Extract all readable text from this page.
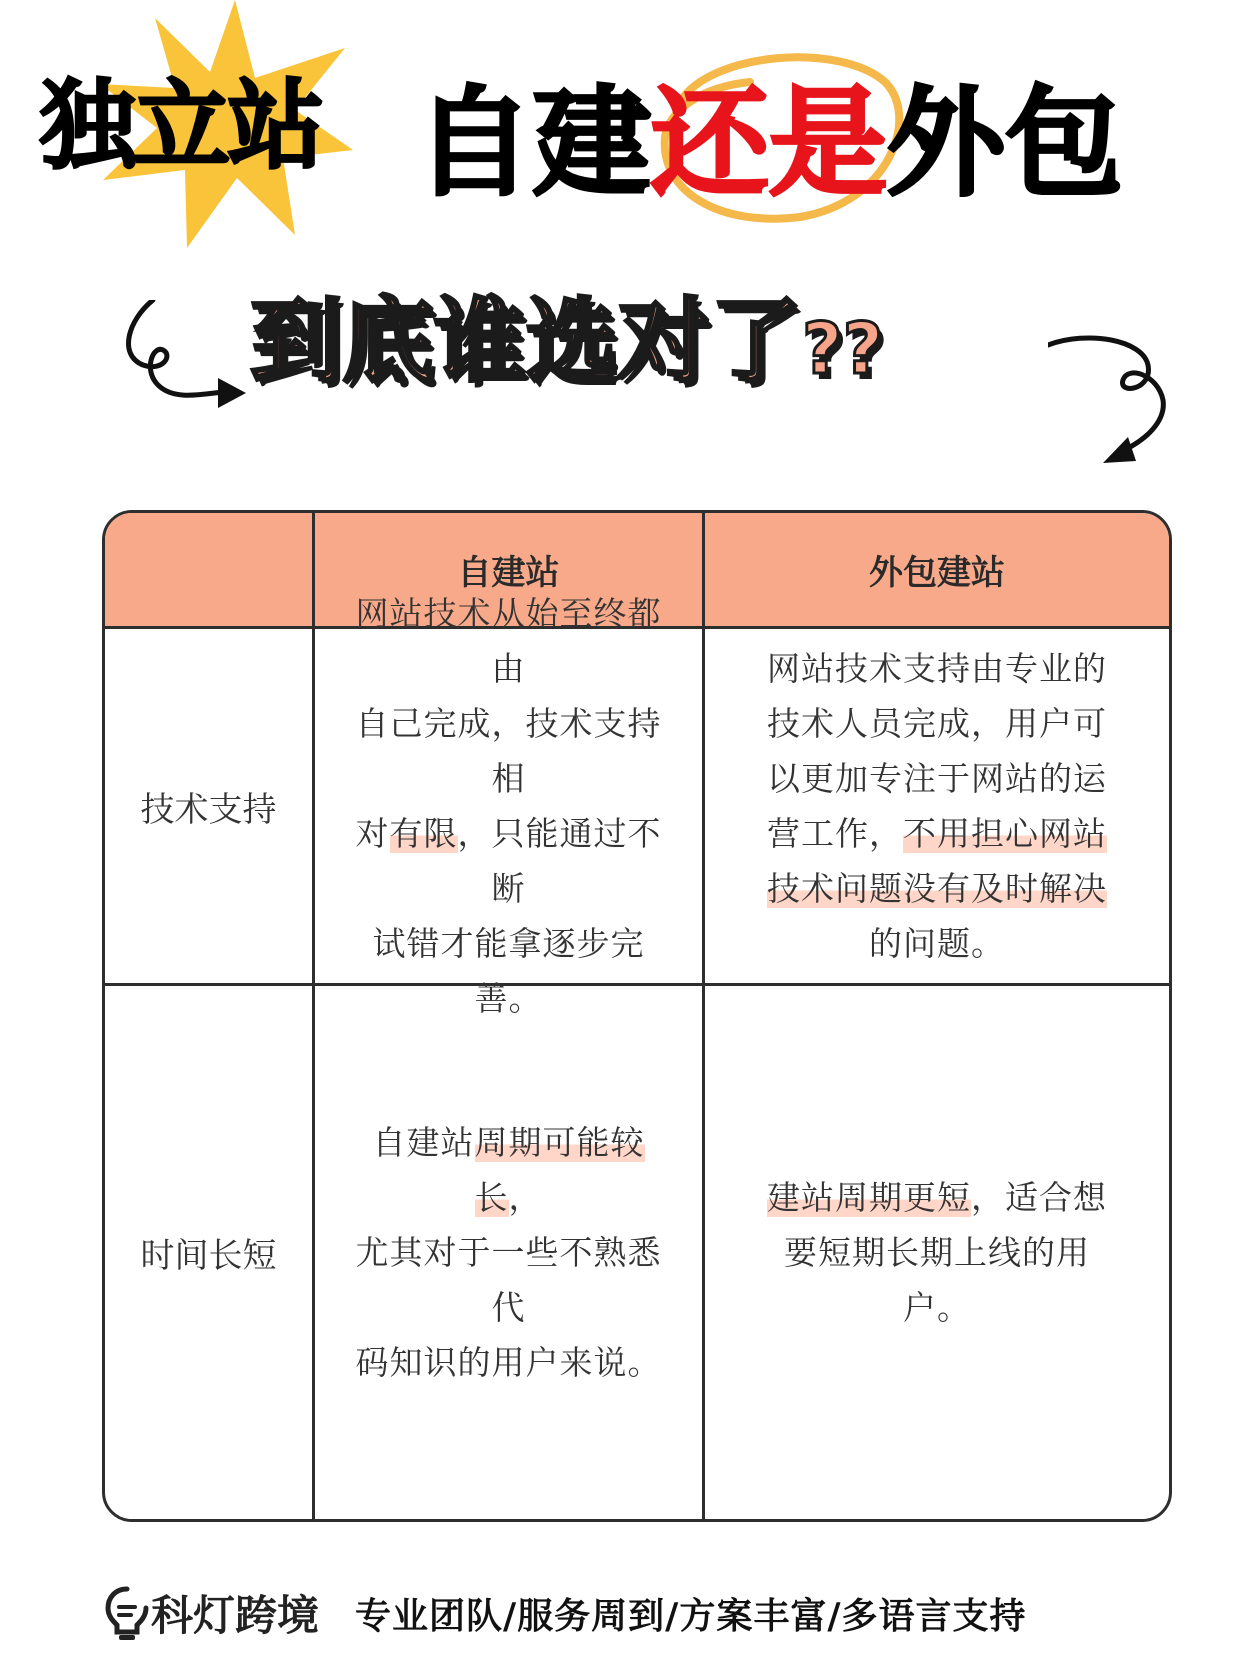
独立站 自建还是外包
到底谁选对了??
自建站	外包建站
技术支持
网站技术从始至终都由
自己完成，技术支持相
对有限，只能通过不断
试错才能拿逐步完善。
网站技术支持由专业的
技术人员完成，用户可
以更加专注于网站的运
营工作，不用担心网站
技术问题没有及时解决
的问题。
时间长短
自建站周期可能较长，
尤其对于一些不熟悉代
码知识的用户来说。
建站周期更短，适合想
要短期长期上线的用
户。
科灯跨境 专业团队/服务周到/方案丰富/多语言支持
